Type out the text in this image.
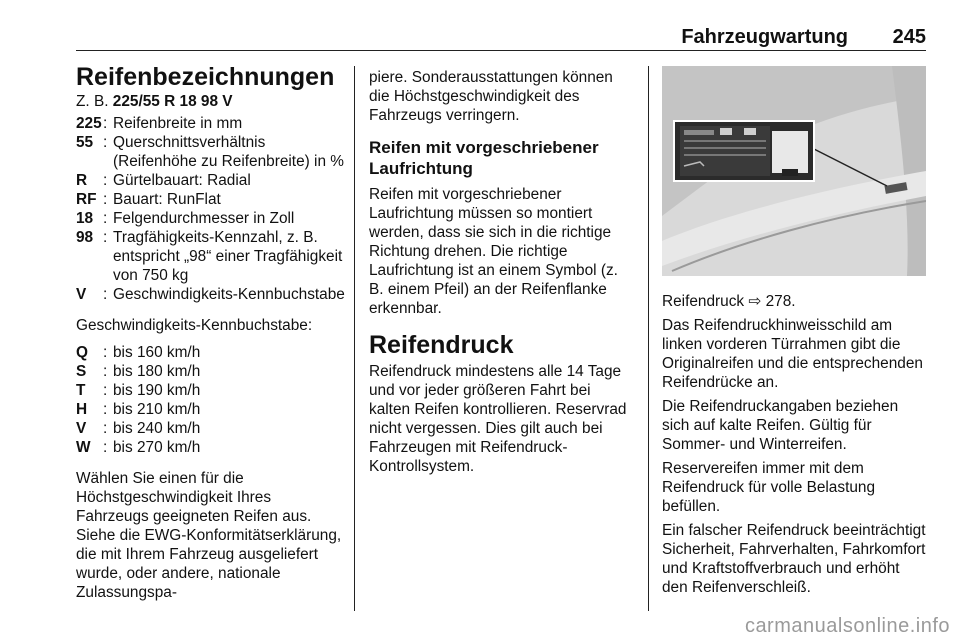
Fahrzeugwartung 245
Reifenbezeichnungen

Z. B. 225/55 R 18 98 V

225 : Reifenbreite in mm
55 : Querschnittsverhältnis (Reifenhöhe zu Reifenbreite) in %
R	: Gürtelbauart: Radial
RF : Bauart: RunFlat
18 : Felgendurchmesser in Zoll
98 : Tragfähigkeits-Kennzahl, z. B. entspricht „98“ einer Tragfähigkeit von 750 kg
V	: Geschwindigkeits-Kennbuchstabe

Geschwindigkeits-Kennbuchstabe:

Q : bis 160 km/h
S	: bis 180 km/h
T	: bis 190 km/h
H	: bis 210 km/h
V	: bis 240 km/h
W : bis 270 km/h

Wählen Sie einen für die Höchstgeschwindigkeit Ihres Fahrzeugs geeigneten Reifen aus. Siehe die EWG-Konformitätserklärung, die mit Ihrem Fahrzeug ausgeliefert wurde, oder andere, nationale Zulassungspa-

piere. Sonderausstattungen können die Höchstgeschwindigkeit des Fahrzeugs verringern.

Reifen mit vorgeschriebener Laufrichtung

Reifen mit vorgeschriebener Laufrichtung müssen so montiert werden, dass sie sich in die richtige Richtung drehen. Die richtige Laufrichtung ist an einem Symbol (z. B. einem Pfeil) an der Reifenflanke erkennbar.

Reifendruck

Reifendruck mindestens alle 14 Tage und vor jeder größeren Fahrt bei kalten Reifen kontrollieren. Reservrad nicht vergessen. Dies gilt auch bei Fahrzeugen mit Reifendruck-Kontrollsystem.

Reifendruck ⇨ 278.

Das Reifendruckhinweisschild am linken vorderen Türrahmen gibt die Originalreifen und die entsprechenden Reifendrücke an.

Die Reifendruckangaben beziehen sich auf kalte Reifen. Gültig für Sommer- und Winterreifen.

Reservereifen immer mit dem Reifendruck für volle Belastung befüllen.

Ein falscher Reifendruck beeinträchtigt Sicherheit, Fahrverhalten, Fahrkomfort und Kraftstoffverbrauch und erhöht den Reifenverschleiß.

carmanualsonline.info
